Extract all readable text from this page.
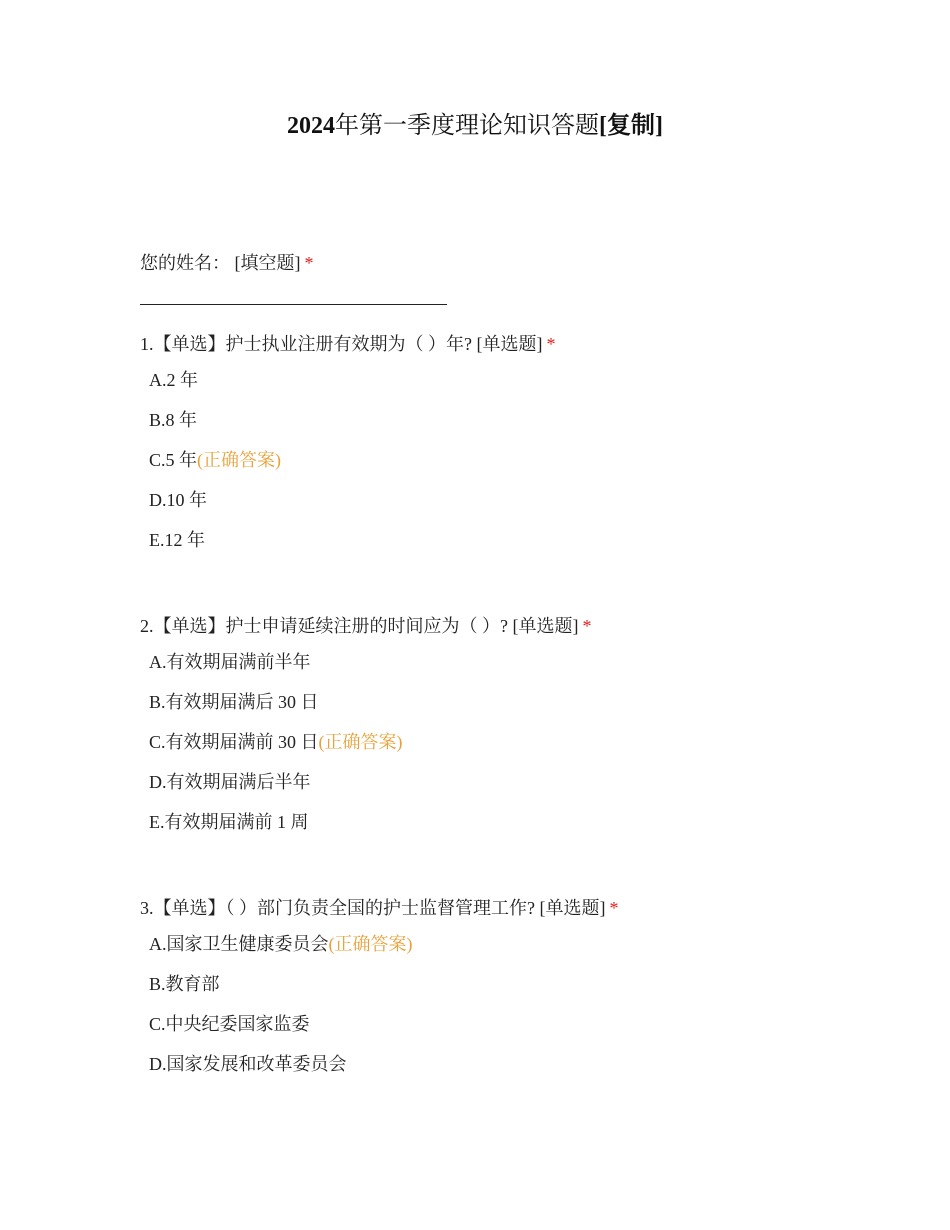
2024年第一季度理论知识答题[复制]
您的姓名： [填空题] *
1.【单选】护士执业注册有效期为（ ）年? [单选题] *
A.2 年
B.8 年
C.5 年(正确答案)
D.10 年
E.12 年
2.【单选】护士申请延续注册的时间应为（ ）? [单选题] *
A.有效期届满前半年
B.有效期届满后 30 日
C.有效期届满前 30 日(正确答案)
D.有效期届满后半年
E.有效期届满前 1 周
3.【单选】（ ）部门负责全国的护士监督管理工作? [单选题] *
A.国家卫生健康委员会(正确答案)
B.教育部
C.中央纪委国家监委
D.国家发展和改革委员会
